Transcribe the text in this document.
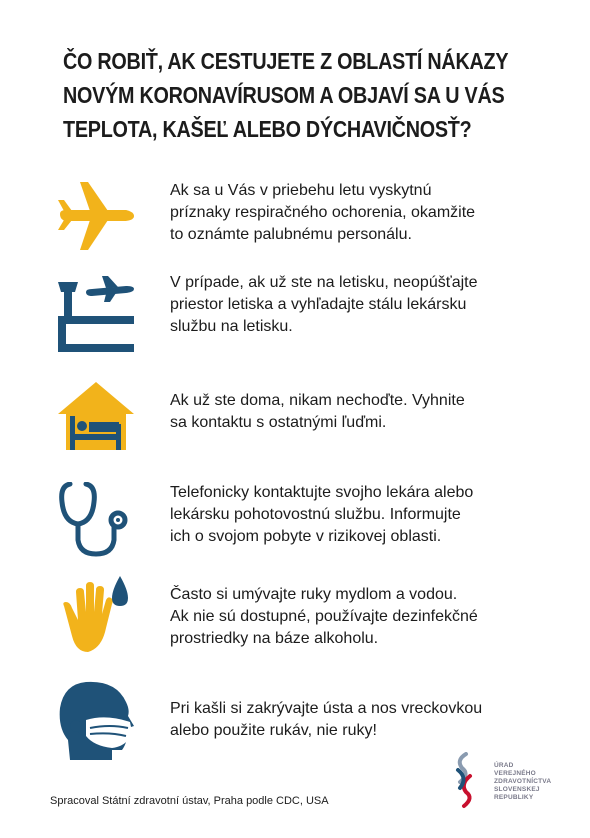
ČO ROBIŤ, AK CESTUJETE Z OBLASTÍ NÁKAZY
NOVÝM KORONAVÍRUSOM A OBJAVÍ SA U VÁS
TEPLOTA, KAŠEĽ ALEBO DÝCHAVIČNOSŤ?
Ak sa u Vás v priebehu letu vyskytnú
príznaky respiračného ochorenia, okamžite
to oznámte palubnému personálu.
V prípade, ak už ste na letisku, neopúšťajte
priestor letiska a vyhľadajte stálu lekársku
službu na letisku.
Ak už ste doma, nikam nechoďte. Vyhnite
sa kontaktu s ostatnými ľuďmi.
Telefonicky kontaktujte svojho lekára alebo
lekársku pohotovostnú službu. Informujte
ich o svojom pobyte v rizikovej oblasti.
Často si umývajte ruky mydlom a vodou.
Ak nie sú dostupné, používajte dezinfekčné
prostriedky na báze alkoholu.
Pri kašli si zakrývajte ústa a nos vreckovkou
alebo použite rukáv, nie ruky!
Spracoval Státní zdravotní ústav, Praha podle CDC, USA
ÚRAD
VEREJNÉHO
ZDRAVOTNÍCTVA
SLOVENSKEJ
REPUBLIKY
